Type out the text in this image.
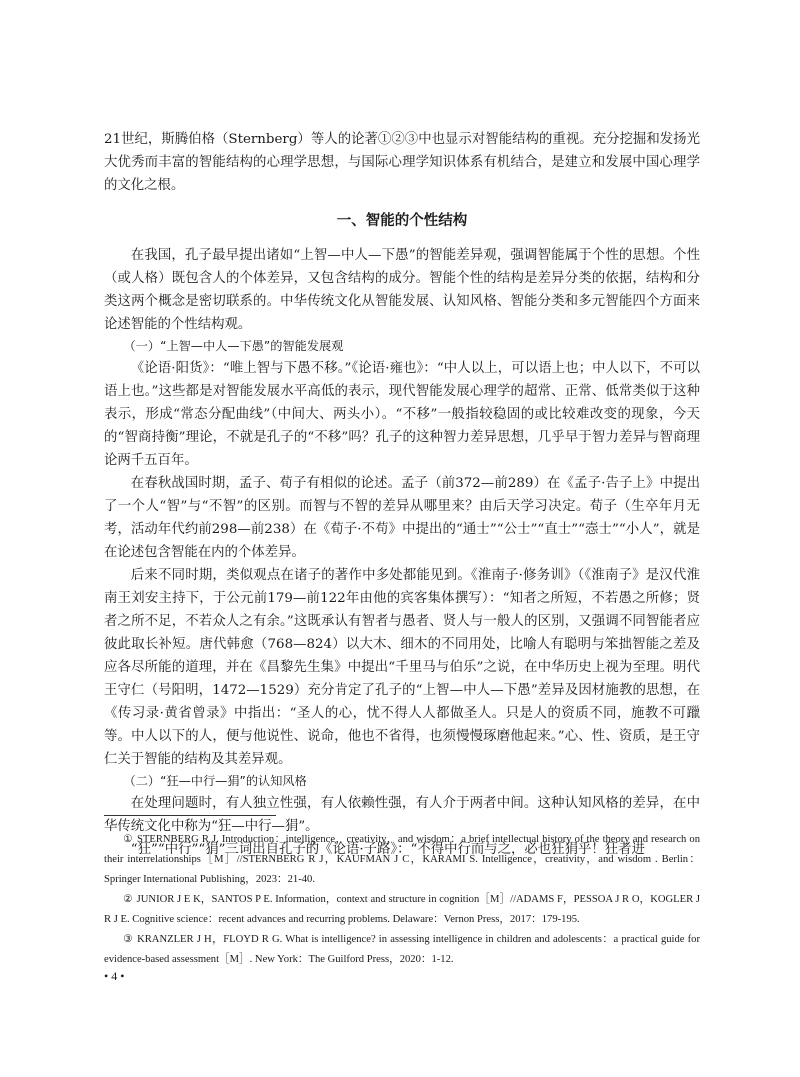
21世纪，斯腾伯格（Sternberg）等人的论著①②③中也显示对智能结构的重视。充分挖掘和发扬光大优秀而丰富的智能结构的心理学思想，与国际心理学知识体系有机结合，是建立和发展中国心理学的文化之根。

一、智能的个性结构

在我国，孔子最早提出诸如“上智—中人—下愚”的智能差异观，强调智能属于个性的思想。个性（或人格）既包含人的个体差异，又包含结构的成分。智能个性的结构是差异分类的依据，结构和分类这两个概念是密切联系的。中华传统文化从智能发展、认知风格、智能分类和多元智能四个方面来论述智能的个性结构观。

（一）“上智—中人—下愚”的智能发展观

《论语·阳货》：“唯上智与下愚不移。”《论语·雍也》：“中人以上，可以语上也；中人以下，不可以语上也。”这些都是对智能发展水平高低的表示，现代智能发展心理学的超常、正常、低常类似于这种表示，形成“常态分配曲线”（中间大、两头小）。“不移”一般指较稳固的或比较难改变的现象，今天的“智商持衡”理论，不就是孔子的“不移”吗？孔子的这种智力差异思想，几乎早于智力差异与智商理论两千五百年。

在春秋战国时期，孟子、荀子有相似的论述。孟子（前372—前289）在《孟子·告子上》中提出了一个人“智”与“不智”的区别。而智与不智的差异从哪里来？由后天学习决定。荀子（生卒年月无考，活动年代约前298—前238）在《荀子·不苟》中提出的“通士”“公士”“直士”“悫士”“小人”，就是在论述包含智能在内的个体差异。

后来不同时期，类似观点在诸子的著作中多处都能见到。《淮南子·修务训》（《淮南子》是汉代淮南王刘安主持下，于公元前179—前122年由他的宾客集体撰写）：“知者之所短，不若愚之所修；贤者之所不足，不若众人之有余。”这既承认有智者与愚者、贤人与一般人的区别，又强调不同智能者应彼此取长补短。唐代韩愈（768—824）以大木、细木的不同用处，比喻人有聪明与笨拙智能之差及应各尽所能的道理，并在《昌黎先生集》中提出“千里马与伯乐”之说，在中华历史上视为至理。明代王守仁（号阳明，1472—1529）充分肯定了孔子的“上智—中人—下愚”差异及因材施教的思想，在《传习录·黄省曾录》中指出：“圣人的心，忧不得人人都做圣人。只是人的资质不同，施教不可躐等。中人以下的人，便与他说性、说命，他也不省得，也须慢慢琢磨他起来。”心、性、资质，是王守仁关于智能的结构及其差异观。

（二）“狂—中行—狷”的认知风格

在处理问题时，有人独立性强，有人依赖性强，有人介于两者中间。这种认知风格的差异，在中华传统文化中称为“狂—中行—狷”。

“狂”“中行”“狷”三词出自孔子的《论语·子路》：“不得中行而与之，必也狂狷乎！狂者进

① STERNBERG R J. Introduction：intelligence，creativity，and wisdom：a brief intellectual history of the theory and research on their interrelationships［M］//STERNBERG R J，KAUFMAN J C，KARAMI S. Intelligence，creativity，and wisdom . Berlin：Springer International Publishing，2023：21-40.

② JUNIOR J E K，SANTOS P E. Information，context and structure in cognition［M］//ADAMS F，PESSOA J R O，KOGLER J R J E. Cognitive science：recent advances and recurring problems. Delaware：Vernon Press，2017：179-195.

③ KRANZLER J H，FLOYD R G. What is intelligence? in assessing intelligence in children and adolescents：a practical guide for evidence-based assessment［M］. New York：The Guilford Press，2020：1-12.

• 4 •
